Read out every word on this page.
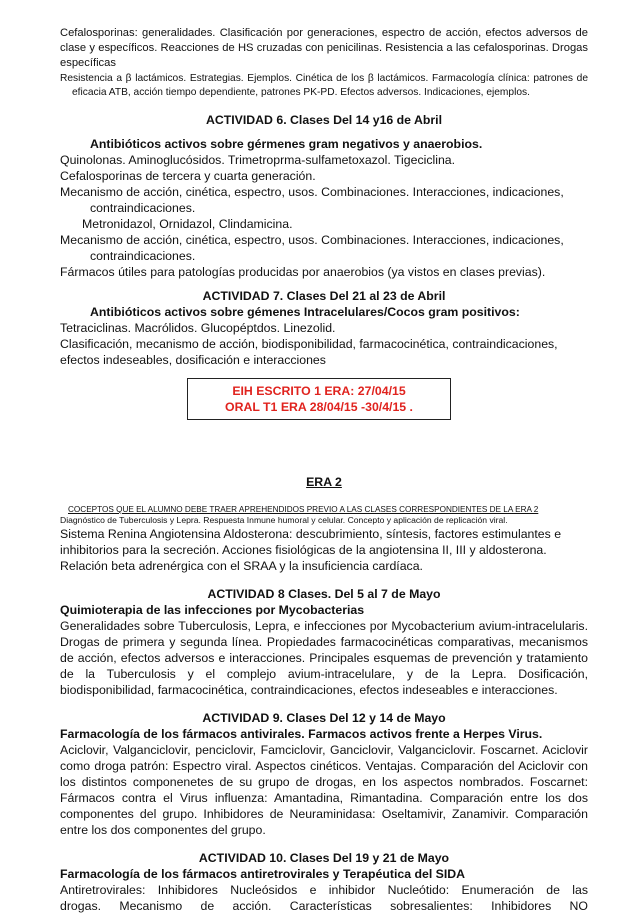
Cefalosporinas: generalidades. Clasificación por generaciones, espectro de acción, efectos adversos de clase y específicos. Reacciones de HS cruzadas con penicilinas. Resistencia a las cefalosporinas. Drogas específicas
Resistencia a β lactámicos. Estrategias. Ejemplos. Cinética de los β lactámicos. Farmacología clínica: patrones de eficacia ATB, acción tiempo dependiente, patrones PK-PD. Efectos adversos. Indicaciones, ejemplos.
ACTIVIDAD 6. Clases Del 14 y16 de Abril
Antibióticos activos sobre gérmenes gram negativos y anaerobios.
Quinolonas. Aminoglucósidos. Trimetroprma-sulfametoxazol. Tigeciclina.
Cefalosporinas de tercera y cuarta generación.
Mecanismo de acción, cinética, espectro, usos. Combinaciones. Interacciones, indicaciones, contraindicaciones.
Metronidazol, Ornidazol, Clindamicina.
Mecanismo de acción, cinética, espectro, usos. Combinaciones. Interacciones, indicaciones, contraindicaciones.
Fármacos útiles para patologías producidas por anaerobios (ya vistos en clases previas).
ACTIVIDAD 7. Clases Del 21 al 23 de Abril
Antibióticos activos sobre gémenes Intracelulares/Cocos gram positivos:
Tetraciclinas. Macrólidos. Glucopéptdos. Linezolid.
Clasificación, mecanismo de acción, biodisponibilidad, farmacocinética, contraindicaciones,
efectos indeseables, dosificación e interacciones
EIH ESCRITO 1 ERA: 27/04/15
ORAL T1 ERA 28/04/15 -30/4/15 .
ERA 2
COCEPTOS QUE EL ALUMNO DEBE TRAER APREHENDIDOS PREVIO A LAS CLASES CORRESPONDIENTES DE LA ERA 2
Diagnóstico de Tuberculosis y Lepra. Respuesta Inmune humoral y celular. Concepto y aplicación de replicación viral.
Sistema Renina Angiotensina Aldosterona: descubrimiento, síntesis, factores estimulantes e inhibitorios para la secreción. Acciones fisiológicas de la angiotensina II, III y aldosterona.
Relación beta adrenérgica con el SRAA y la insuficiencia cardíaca.
ACTIVIDAD 8 Clases. Del 5 al 7 de Mayo
Quimioterapia de las infecciones por Mycobacterias
Generalidades sobre Tuberculosis, Lepra, e infecciones por Mycobacterium avium-intracelularis. Drogas de primera y segunda línea. Propiedades farmacocinéticas comparativas, mecanismos de acción, efectos adversos e interacciones. Principales esquemas de prevención y tratamiento de la Tuberculosis y el complejo avium-intracelulare, y de la Lepra. Dosificación, biodisponibilidad, farmacocinética, contraindicaciones, efectos indeseables e interacciones.
ACTIVIDAD 9. Clases Del 12 y 14 de Mayo
Farmacología de los fármacos antivirales. Farmacos activos frente a Herpes Virus.
Aciclovir, Valganciclovir, penciclovir, Famciclovir, Ganciclovir, Valganciclovir. Foscarnet. Aciclovir como droga patrón: Espectro viral. Aspectos cinéticos. Ventajas. Comparación del Aciclovir con los distintos componenetes de su grupo de drogas, en los aspectos nombrados. Foscarnet: Fármacos contra el Virus influenza: Amantadina, Rimantadina. Comparación entre los dos componentes del grupo. Inhibidores de Neuraminidasa: Oseltamivir, Zanamivir. Comparación entre los dos componentes del grupo.
ACTIVIDAD 10. Clases Del 19 y 21 de Mayo
Farmacología de los fármacos antiretrovirales y Terapéutica del SIDA
Antiretrovirales: Inhibidores Nucleósidos e inhibidor Nucleótido: Enumeración de las
drogas. Mecanismo de acción. Características sobresalientes: Inhibidores NO
